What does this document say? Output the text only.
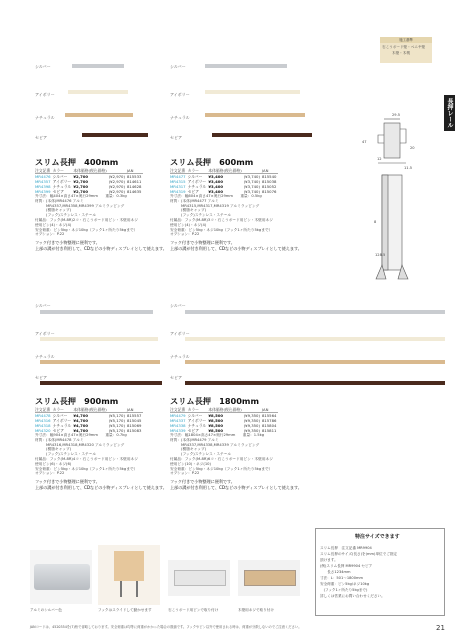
長押レール
施工基準
石こうボード壁・ベニヤ壁
木壁・木桟
シルバー
アイボリー
ナチュラル
セピア
シルバー
アイボリー
ナチュラル
セピア
29.5
47
20
12
11.5
8
128.5
スリム長押　400mm
注文記番	カラー	本体価格(税込価格)		JAN
MR4476	シルバー	¥2,700	(¥2,970)	815533
MR4357	アイボリー	¥2,700	(¥2,970)	814611
MR4398	ナチュラル	¥2,700	(¥2,970)	814628
MR4399	セピア	¥2,700	(¥2,970)	814635
外寸法：幅404×高さ47×奥行29mm　　重量：0.3kg
材質：(本体)MR4476 アルミ
　　　MR4357,MR4358,MR4399 アルミラッピング
　　　(樹脂キャップ)
　　　(フック)ステンレス・スチール
付属品：フック(M-8R)2コ・石こうボード用ピン・木壁用ネジ
使用ピン(4)・ネジ(4)
安全荷重：ピン5kg・ネジ10kg（フック1ヶ所たり5kgまで）
オプション：P.22
フック付きで小物整理に便利です。
上部の溝が付き利用して、CDなどの小物ディスプレイとして使えます。
スリム長押　600mm
注文記番	カラー	本体価格(税込価格)		JAN
MR4477	シルバー	¥3,400	(¥3,740)	815540
MR4315	アイボリー	¥3,400	(¥3,740)	815038
MR4317	ナチュラル	¥3,400	(¥3,740)	815052
MR4319	セピア	¥3,400	(¥3,740)	815076
外寸法：幅604×高さ47×奥行29mm　　重量：0.5kg
材質：(本体)MR4477 アルミ
　　　MR4315,MR4317,MR4319 アルミラッピング
　　　(樹脂キャップ)
　　　(フック)ステンレス・スチール
付属品：フック(M-8R)3コ・石こうボード用ピン・木壁用ネジ
使用ピン(4)・ネジ(4)
安全荷重：ピン5kg・ネジ10kg（フック1ヶ所たり5kgまで）
オプション：P.22
フック付きで小物整理に便利です。
上部の溝が付き利用して、CDなどの小物ディスプレイとして使えます。
シルバー
アイボリー
ナチュラル
セピア
シルバー
アイボリー
ナチュラル
セピア
スリム長押　900mm
注文記番	カラー	本体価格(税込価格)		JAN
MR4478	シルバー	¥4,700	(¥5,170)	815557
MR4316	アイボリー	¥4,700	(¥5,170)	815045
MR4318	ナチュラル	¥4,700	(¥5,170)	815069
MR4320	セピア	¥4,700	(¥5,170)	815083
外寸法：幅904×高さ47×奥行29mm　　重量：0.7kg
材質：(本体)MR4478 アルミ
　　　MR4316,MR4318,MR4320 アルミラッピング
　　　(樹脂キャップ)
　　　(フック)ステンレス・スチール
付属品：フック(M-8R)4コ・石こうボード用ピン・木壁用ネジ
使用ピン(6)・ネジ(6)
安全荷重：ピン5kg・ネジ10kg（フック1ヶ所たり5kgまで）
オプション：P.22
フック付きで小物整理に便利です。
上部の溝が付き利用して、CDなどの小物ディスプレイとして使えます。
スリム長押　1800mm
注文記番	カラー	本体価格(税込価格)		JAN
MR4479	シルバー	¥8,500	(¥9,350)	815564
MR4337	アイボリー	¥8,500	(¥9,350)	815786
MR4338	ナチュラル	¥8,500	(¥9,350)	815804
MR4339	セピア	¥8,500	(¥9,350)	815811
外寸法：幅1804×高さ47×奥行29mm　　重量：1.5kg
材質：(本体)MR4479 アルミ
　　　MR4337,MR4338,MR4339 アルミラッピング
　　　(樹脂キャップ)
　　　(フック)ステンレス・スチール
付属品：フック(M-8R)6コ・石こうボード用ピン・木壁用ネジ
使用ピン(10)・ネジ(10)
安全荷重：ピン5kg・ネジ10kg（フック1ヶ所たり5kgまで）
オプション：P.22
フック付きで小物整理に便利です。
上部の溝が付き利用して、CDなどの小物ディスプレイとして使えます。
アルミのシルバー色	フックはスライドして動かせます	石こうボード用ピンで取り付け	木壁用ネジで取り付け
特注サイズできます
スリム長押　注文記番 MR9904
スリム長押のサイズ(長さ)を(mm)単位でご指定
頂けます。
(例)スリム長押 MR9904 セピア
　　長さ1234mm
寸法：L：501〜1800mm
安全荷重：ピン5kg/ネジ10kg
　(フック1ヶ所たり5kgまで)
詳しくは営業にお問い合わせください。
JANコードは、4520354を(7)桁で省略しております。安全荷重は均等に荷重がかかった場合の数値です。フックやピン以外で使用される時は、荷重が分散しないのでご注意ください。	21
